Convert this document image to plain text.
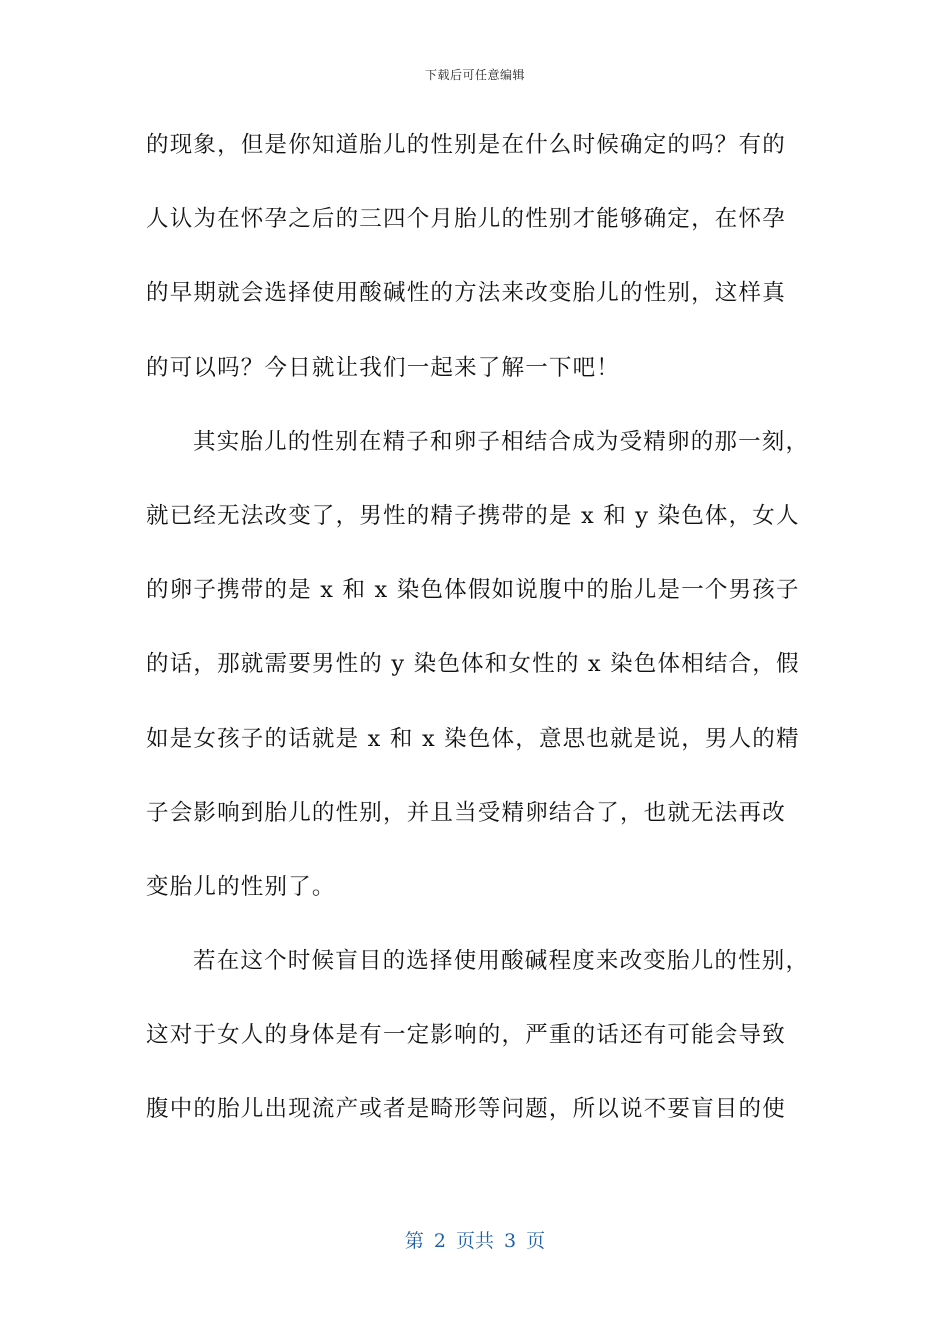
下载后可任意编辑
的现象，但是你知道胎儿的性别是在什么时候确定的吗？有的
人认为在怀孕之后的三四个月胎儿的性别才能够确定，在怀孕
的早期就会选择使用酸碱性的方法来改变胎儿的性别，这样真
的可以吗？今日就让我们一起来了解一下吧！
其实胎儿的性别在精子和卵子相结合成为受精卵的那一刻，
就已经无法改变了，男性的精子携带的是 x 和 y 染色体，女人
的卵子携带的是 x 和 x 染色体假如说腹中的胎儿是一个男孩子
的话，那就需要男性的 y 染色体和女性的 x 染色体相结合，假
如是女孩子的话就是 x 和 x 染色体，意思也就是说，男人的精
子会影响到胎儿的性别，并且当受精卵结合了，也就无法再改
变胎儿的性别了。
若在这个时候盲目的选择使用酸碱程度来改变胎儿的性别，
这对于女人的身体是有一定影响的，严重的话还有可能会导致
腹中的胎儿出现流产或者是畸形等问题，所以说不要盲目的使
第 2 页共 3 页
